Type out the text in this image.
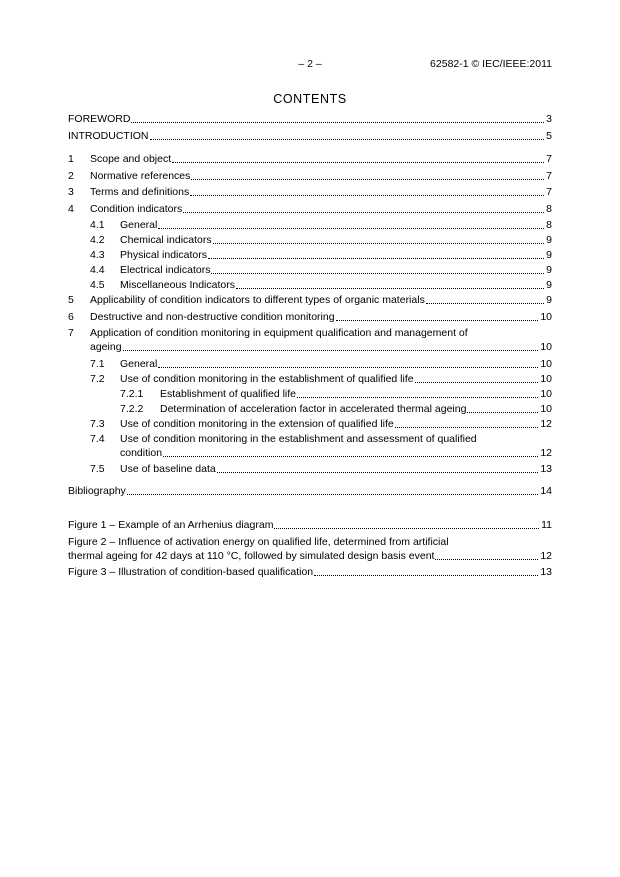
– 2 –	62582-1 © IEC/IEEE:2011
CONTENTS
FOREWORD	3
INTRODUCTION	5
1	Scope and object	7
2	Normative references	7
3	Terms and definitions	7
4	Condition indicators	8
4.1	General	8
4.2	Chemical indicators	9
4.3	Physical indicators	9
4.4	Electrical indicators	9
4.5	Miscellaneous Indicators	9
5	Applicability of condition indicators to different types of organic materials	9
6	Destructive and non-destructive condition monitoring	10
7	Application of condition monitoring in equipment qualification and management of
ageing	10
7.1	General	10
7.2	Use of condition monitoring in the establishment of qualified life	10
7.2.1	Establishment of qualified life	10
7.2.2	Determination of acceleration factor in accelerated thermal ageing	10
7.3	Use of condition monitoring in the extension of qualified life	12
7.4	Use of condition monitoring in the establishment and assessment of qualified
condition	12
7.5	Use of baseline data	13
Bibliography	14
Figure 1 – Example of an Arrhenius diagram	11
Figure 2 – Influence of activation energy on qualified life, determined from artificial
thermal ageing for 42 days at 110 °C, followed by simulated design basis event	12
Figure 3 – Illustration of condition-based qualification	13
